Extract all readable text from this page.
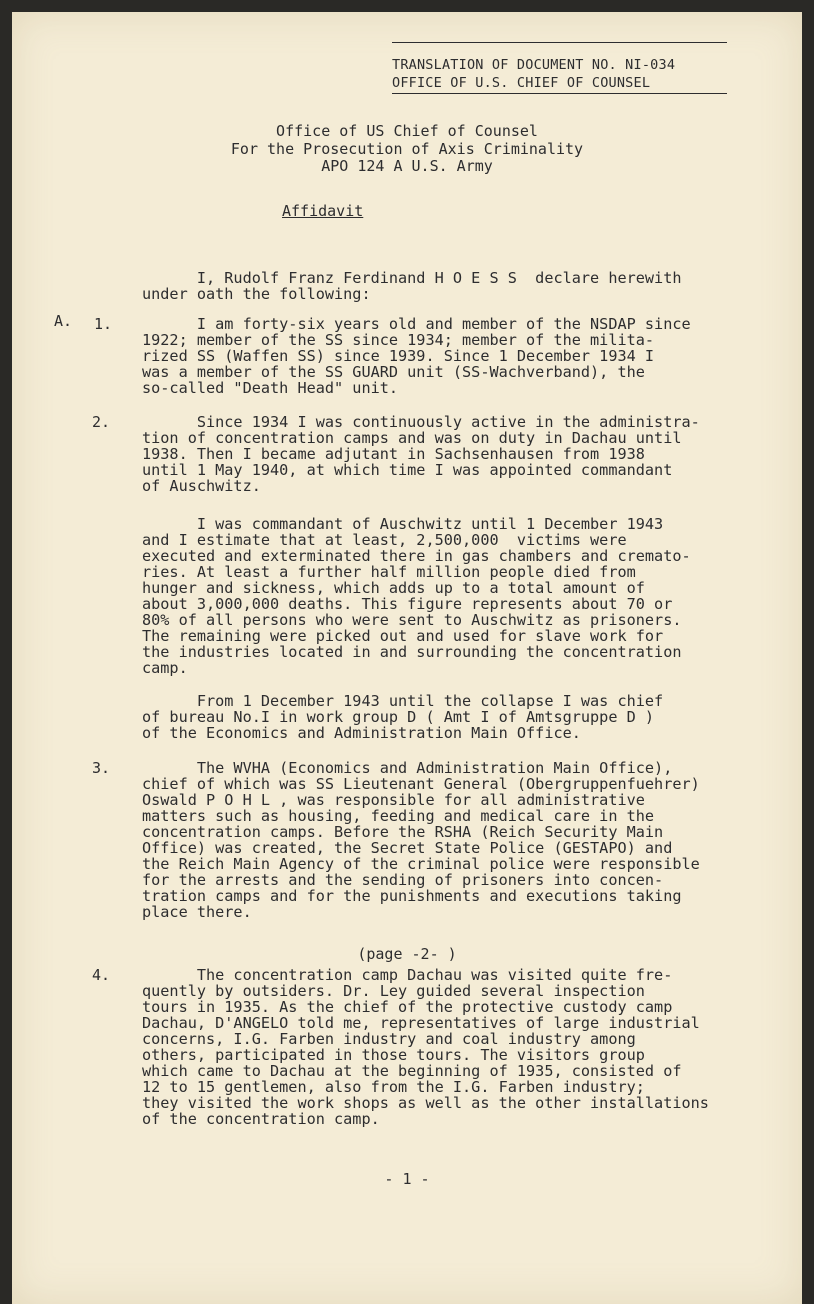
TRANSLATION OF DOCUMENT NO. NI-034
OFFICE OF U.S. CHIEF OF COUNSEL
Office of US Chief of Counsel
For the Prosecution of Axis Criminality
APO 124 A U.S. Army
Affidavit
I, Rudolf Franz Ferdinand H O E S S  declare herewith
under oath the following:
A. 1.	I am forty-six years old and member of the NSDAP since
1922; member of the SS since 1934; member of the milita-
rized SS (Waffen SS) since 1939. Since 1 December 1934 I
was a member of the SS GUARD unit (SS-Wachverband), the
so-called "Death Head" unit.
2.	Since 1934 I was continuously active in the administra-
tion of concentration camps and was on duty in Dachau until
1938. Then I became adjutant in Sachsenhausen from 1938
until 1 May 1940, at which time I was appointed commandant
of Auschwitz.
I was commandant of Auschwitz until 1 December 1943
and I estimate that at least, 2,500,000  victims were
executed and exterminated there in gas chambers and cremato-
ries. At least a further half million people died from
hunger and sickness, which adds up to a total amount of
about 3,000,000 deaths. This figure represents about 70 or
80% of all persons who were sent to Auschwitz as prisoners.
The remaining were picked out and used for slave work for
the industries located in and surrounding the concentration
camp.
From 1 December 1943 until the collapse I was chief
of bureau No.I in work group D ( Amt I of Amtsgruppe D )
of the Economics and Administration Main Office.
3.	The WVHA (Economics and Administration Main Office),
chief of which was SS Lieutenant General (Obergruppenfuehrer)
Oswald P O H L , was responsible for all administrative
matters such as housing, feeding and medical care in the
concentration camps. Before the RSHA (Reich Security Main
Office) was created, the Secret State Police (GESTAPO) and
the Reich Main Agency of the criminal police were responsible
for the arrests and the sending of prisoners into concen-
tration camps and for the punishments and executions taking
place there.
(page -2- )
4.	The concentration camp Dachau was visited quite fre-
quently by outsiders. Dr. Ley guided several inspection
tours in 1935. As the chief of the protective custody camp
Dachau, D'ANGELO told me, representatives of large industrial
concerns, I.G. Farben industry and coal industry among
others, participated in those tours. The visitors group
which came to Dachau at the beginning of 1935, consisted of
12 to 15 gentlemen, also from the I.G. Farben industry;
they visited the work shops as well as the other installations
of the concentration camp.
- 1 -
